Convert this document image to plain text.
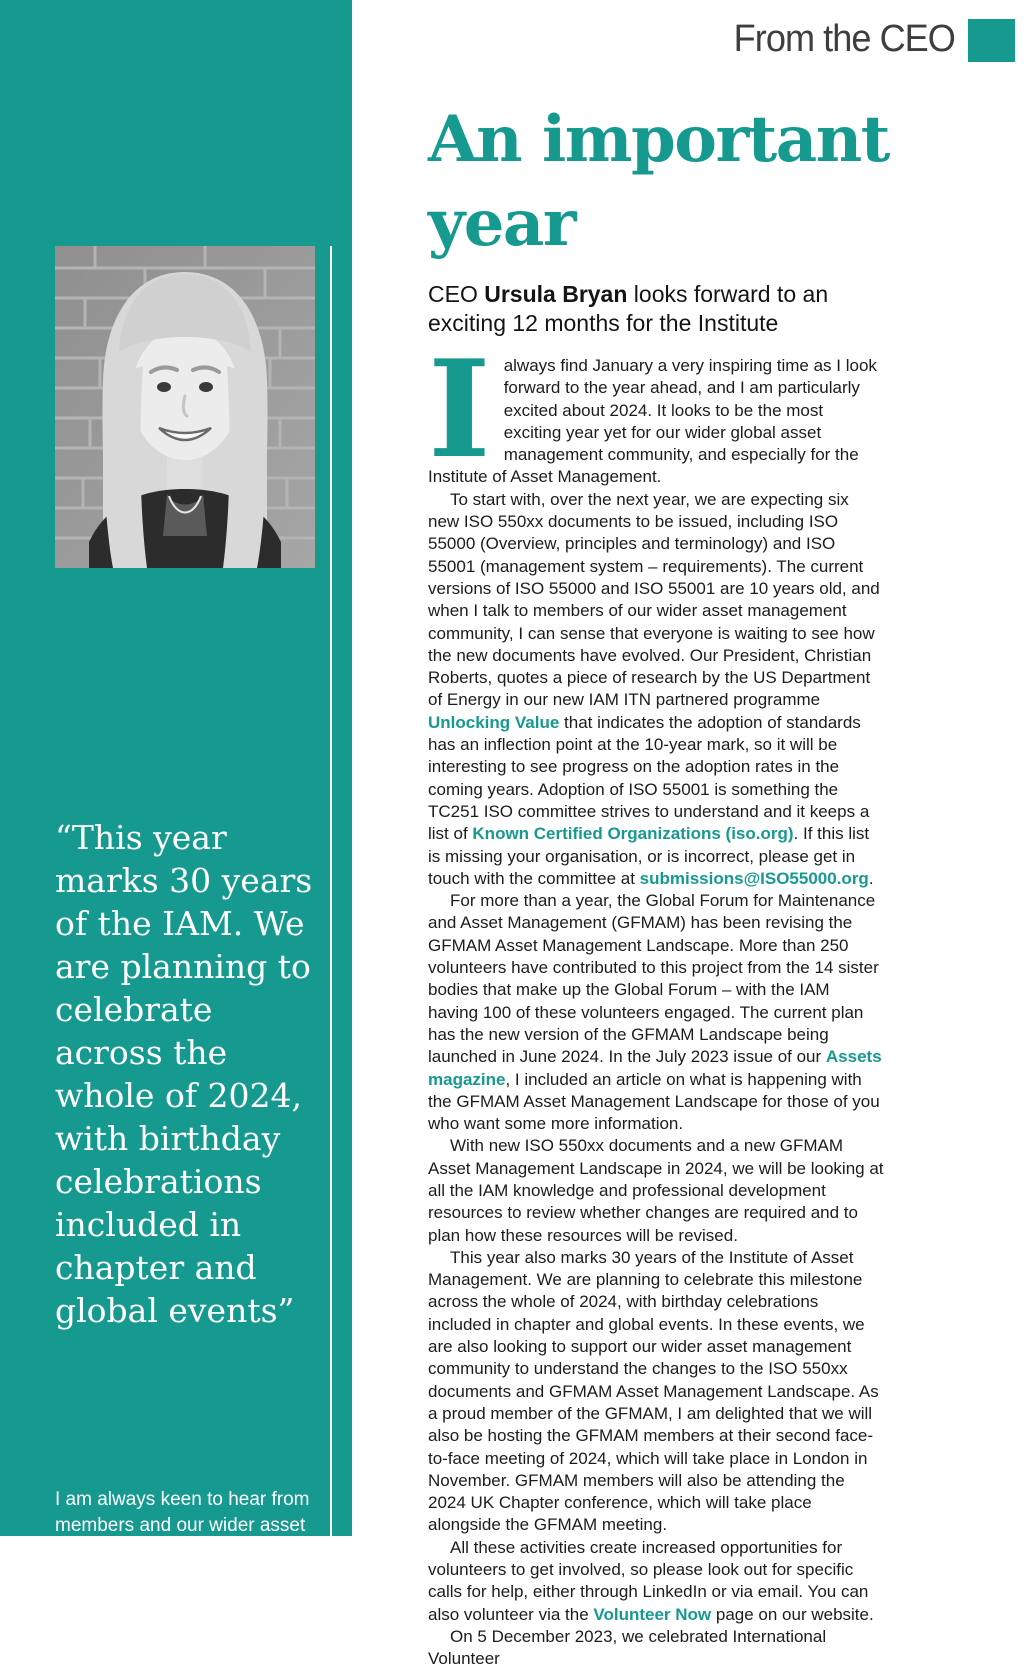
“This year marks 30 years of the IAM. We are planning to celebrate across the whole of 2024, with birthday celebrations included in chapter and global events”
I am always keen to hear from members and our wider asset
From the CEO
An important
year
CEO Ursula Bryan looks forward to an exciting 12 months for the Institute

I always find January a very inspiring time as I look forward to the year ahead, and I am particularly excited about 2024. It looks to be the most exciting year yet for our wider global asset management community, and especially for the Institute of Asset Management.

To start with, over the next year, we are expecting six new ISO 550xx documents to be issued, including ISO 55000 (Overview, principles and terminology) and ISO 55001 (management system – requirements). The current versions of ISO 55000 and ISO 55001 are 10 years old, and when I talk to members of our wider asset management community, I can sense that everyone is waiting to see how the new documents have evolved. Our President, Christian Roberts, quotes a piece of research by the US Department of Energy in our new IAM ITN partnered programme Unlocking Value that indicates the adoption of standards has an inflection point at the 10-year mark, so it will be interesting to see progress on the adoption rates in the coming years. Adoption of ISO 55001 is something the TC251 ISO committee strives to understand and it keeps a list of Known Certified Organizations (iso.org). If this list is missing your organisation, or is incorrect, please get in touch with the committee at submissions@ISO55000.org.

For more than a year, the Global Forum for Maintenance and Asset Management (GFMAM) has been revising the GFMAM Asset Management Landscape. More than 250 volunteers have contributed to this project from the 14 sister bodies that make up the Global Forum – with the IAM having 100 of these volunteers engaged. The current plan has the new version of the GFMAM Landscape being launched in June 2024. In the July 2023 issue of our Assets magazine, I included an article on what is happening with the GFMAM Asset Management Landscape for those of you who want some more information.

With new ISO 550xx documents and a new GFMAM Asset Management Landscape in 2024, we will be looking at all the IAM knowledge and professional development resources to review whether changes are required and to plan how these resources will be revised.

This year also marks 30 years of the Institute of Asset Management. We are planning to celebrate this milestone across the whole of 2024, with birthday celebrations included in chapter and global events. In these events, we are also looking to support our wider asset management community to understand the changes to the ISO 550xx documents and GFMAM Asset Management Landscape. As a proud member of the GFMAM, I am delighted that we will also be hosting the GFMAM members at their second face-to-face meeting of 2024, which will take place in London in November. GFMAM members will also be attending the 2024 UK Chapter conference, which will take place alongside the GFMAM meeting.

All these activities create increased opportunities for volunteers to get involved, so please look out for specific calls for help, either through LinkedIn or via email. You can also volunteer via the Volunteer Now page on our website.

On 5 December 2023, we celebrated International Volunteer
